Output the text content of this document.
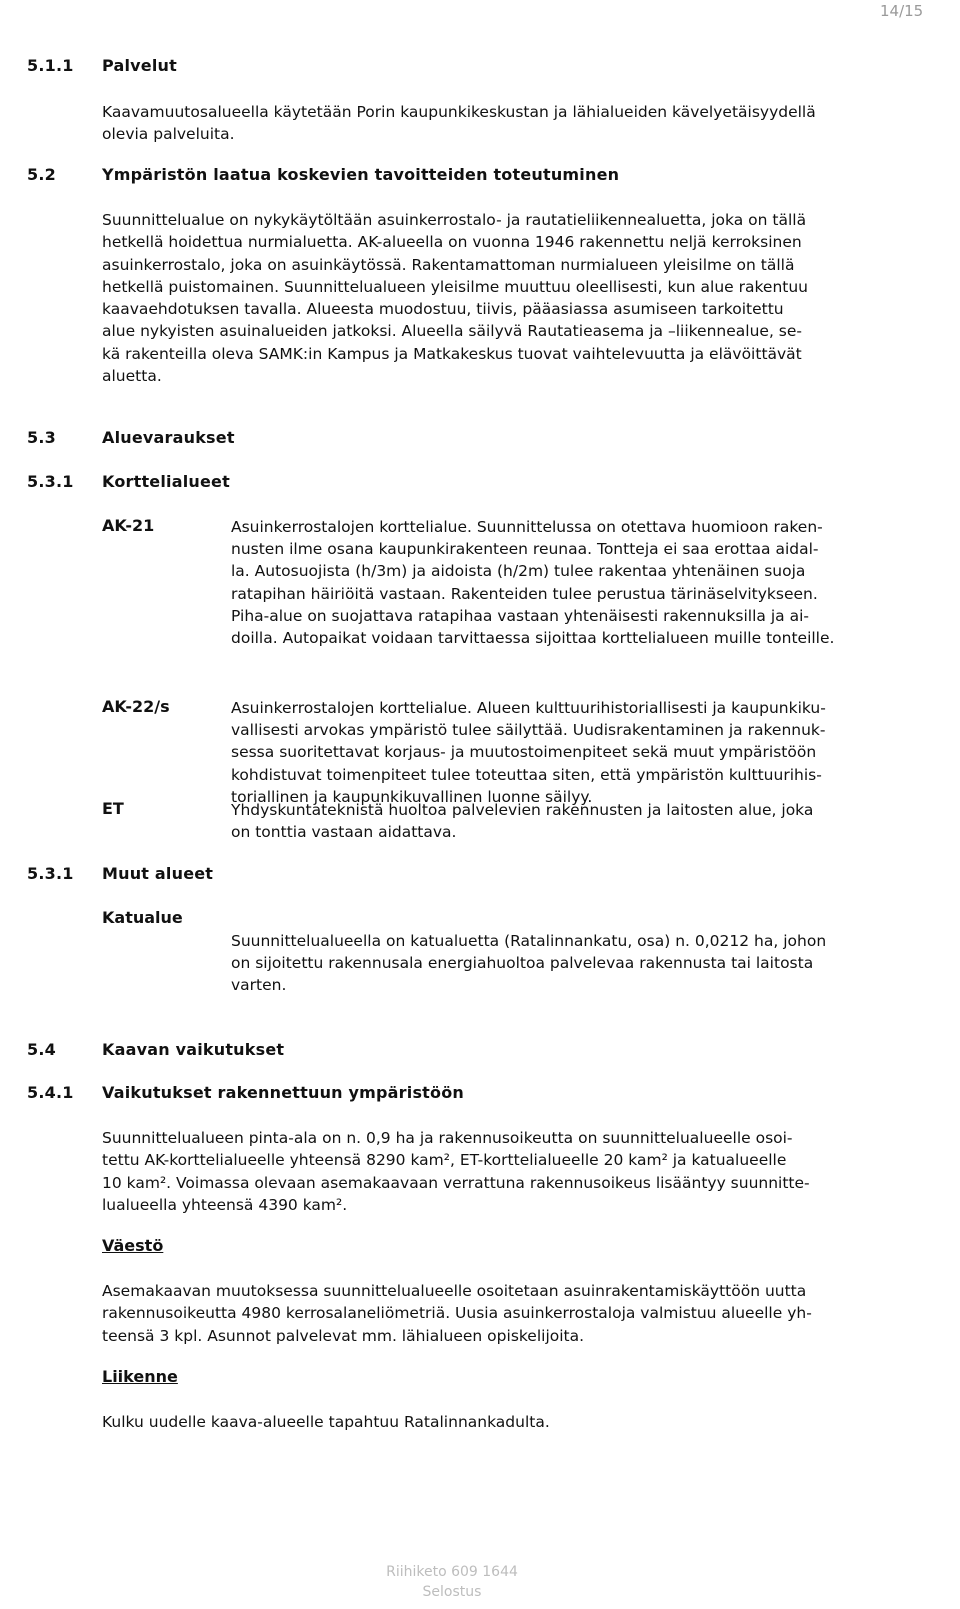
14/15
5.1.1 Palvelut
Kaavamuutosalueella käytetään Porin kaupunkikeskustan ja lähialueiden kävelyetäisyydellä
olevia palveluita.
5.2	Ympäristön laatua koskevien tavoitteiden toteutuminen
Suunnittelualue on nykykäytöltään asuinkerrostalo- ja rautatieliikennealuetta, joka on tällä
hetkellä hoidettua nurmialuetta. AK-alueella on vuonna 1946 rakennettu neljä kerroksinen
asuinkerrostalo, joka on asuinkäytössä. Rakentamattoman nurmialueen yleisilme on tällä
hetkellä puistomainen. Suunnittelualueen yleisilme muuttuu oleellisesti, kun alue rakentuu
kaavaehdotuksen tavalla. Alueesta muodostuu, tiivis, pääasiassa asumiseen tarkoitettu
alue nykyisten asuinalueiden jatkoksi. Alueella säilyvä Rautatieasema ja –liikennealue, se-
kä rakenteilla oleva SAMK:in Kampus ja Matkakeskus tuovat vaihtelevuutta ja elävöittävät
aluetta.
5.3	Aluevaraukset
5.3.1 Korttelialueet
AK-21	Asuinkerrostalojen korttelialue. Suunnittelussa on otettava huomioon raken-
nusten ilme osana kaupunkirakenteen reunaa. Tontteja ei saa erottaa aidal-
la. Autosuojista (h/3m) ja aidoista (h/2m) tulee rakentaa yhtenäinen suoja
ratapihan häiriöitä vastaan. Rakenteiden tulee perustua tärinäselvitykseen.
Piha-alue on suojattava ratapihaa vastaan yhtenäisesti rakennuksilla ja ai-
doilla. Autopaikat voidaan tarvittaessa sijoittaa korttelialueen muille tonteille.
AK-22/s	Asuinkerrostalojen korttelialue. Alueen kulttuurihistoriallisesti ja kaupunkiku-
vallisesti arvokas ympäristö tulee säilyttää. Uudisrakentaminen ja rakennuk-
sessa suoritettavat korjaus- ja muutostoimenpiteet sekä muut ympäristöön
kohdistuvat toimenpiteet tulee toteuttaa siten, että ympäristön kulttuurihis-
toriallinen ja kaupunkikuvallinen luonne säilyy.
ET	Yhdyskuntateknistä huoltoa palvelevien rakennusten ja laitosten alue, joka
on tonttia vastaan aidattava.
5.3.1 Muut alueet
Katualue
Suunnittelualueella on katualuetta (Ratalinnankatu, osa) n. 0,0212 ha, johon
on sijoitettu rakennusala energiahuoltoa palvelevaa rakennusta tai laitosta
varten.
5.4	Kaavan vaikutukset
5.4.1 Vaikutukset rakennettuun ympäristöön
Suunnittelualueen pinta-ala on n. 0,9 ha ja rakennusoikeutta on suunnittelualueelle osoi-
tettu AK-korttelialueelle yhteensä 8290 kam², ET-korttelialueelle 20 kam² ja katualueelle
10 kam². Voimassa olevaan asemakaavaan verrattuna rakennusoikeus lisääntyy suunnitte-
lualueella yhteensä 4390 kam².
Väestö
Asemakaavan muutoksessa suunnittelualueelle osoitetaan asuinrakentamiskäyttöön uutta
rakennusoikeutta 4980 kerrosalaneliömetriä. Uusia asuinkerrostaloja valmistuu alueelle yh-
teensä 3 kpl. Asunnot palvelevat mm. lähialueen opiskelijoita.
Liikenne
Kulku uudelle kaava-alueelle tapahtuu Ratalinnankadulta.
Riihiketo 609 1644
Selostus
